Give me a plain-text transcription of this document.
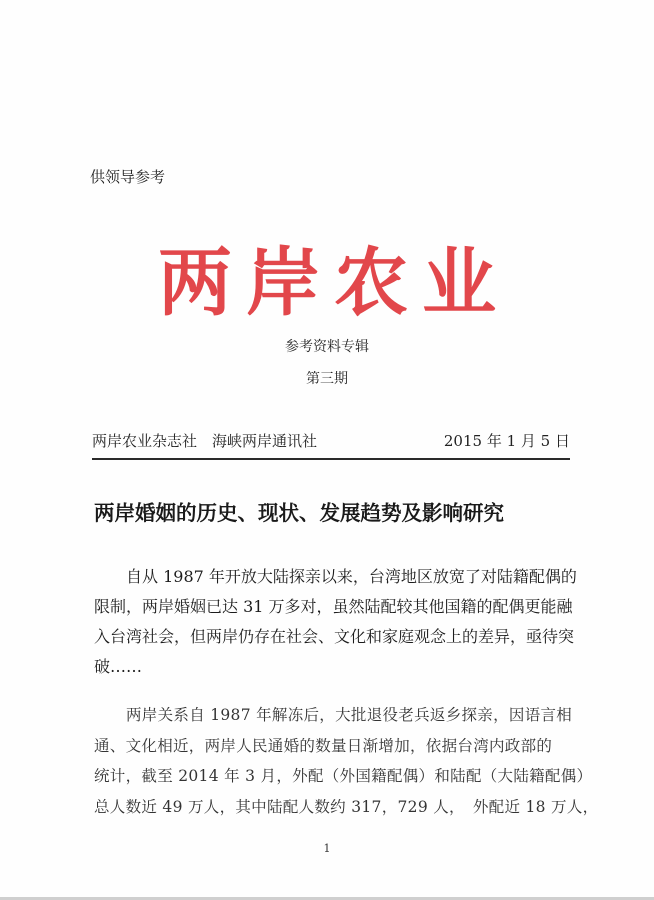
供领导参考
两岸农业
参考资料专辑
第三期
两岸农业杂志社　海峡两岸通讯社	2015 年 1 月 5 日
两岸婚姻的历史、现状、发展趋势及影响研究
自从 1987 年开放大陆探亲以来，台湾地区放宽了对陆籍配偶的
限制，两岸婚姻已达 31 万多对，虽然陆配较其他国籍的配偶更能融
入台湾社会，但两岸仍存在社会、文化和家庭观念上的差异，亟待突
破……
两岸关系自 1987 年解冻后，大批退役老兵返乡探亲，因语言相
通、文化相近，两岸人民通婚的数量日渐增加，依据台湾内政部的
统计，截至 2014 年 3 月，外配（外国籍配偶）和陆配（大陆籍配偶）
总人数近 49 万人，其中陆配人数约 317，729 人，　外配近 18 万人，
1
